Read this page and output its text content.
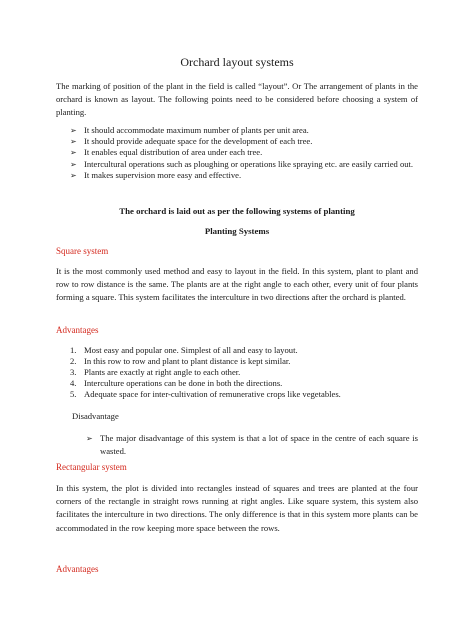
Orchard layout systems
The marking of position of the plant in the field is called “layout”. Or The arrangement of plants in the orchard is known as layout. The following points need to be considered before choosing a system of planting.
➢ It should accommodate maximum number of plants per unit area.
➢ It should provide adequate space for the development of each tree.
➢ It enables equal distribution of area under each tree.
➢ Intercultural operations such as ploughing or operations like spraying etc. are easily carried out.
➢ It makes supervision more easy and effective.
The orchard is laid out as per the following systems of planting
Planting Systems
Square system
It is the most commonly used method and easy to layout in the field. In this system, plant to plant and row to row distance is the same. The plants are at the right angle to each other, every unit of four plants forming a square. This system facilitates the interculture in two directions after the orchard is planted.
Advantages
1. Most easy and popular one. Simplest of all and easy to layout.
2. In this row to row and plant to plant distance is kept similar.
3. Plants are exactly at right angle to each other.
4. Interculture operations can be done in both the directions.
5. Adequate space for inter-cultivation of remunerative crops like vegetables.
Disadvantage
➢ The major disadvantage of this system is that a lot of space in the centre of each square is wasted.
Rectangular system
In this system, the plot is divided into rectangles instead of squares and trees are planted at the four corners of the rectangle in straight rows running at right angles. Like square system, this system also facilitates the interculture in two directions. The only difference is that in this system more plants can be accommodated in the row keeping more space between the rows.
Advantages
